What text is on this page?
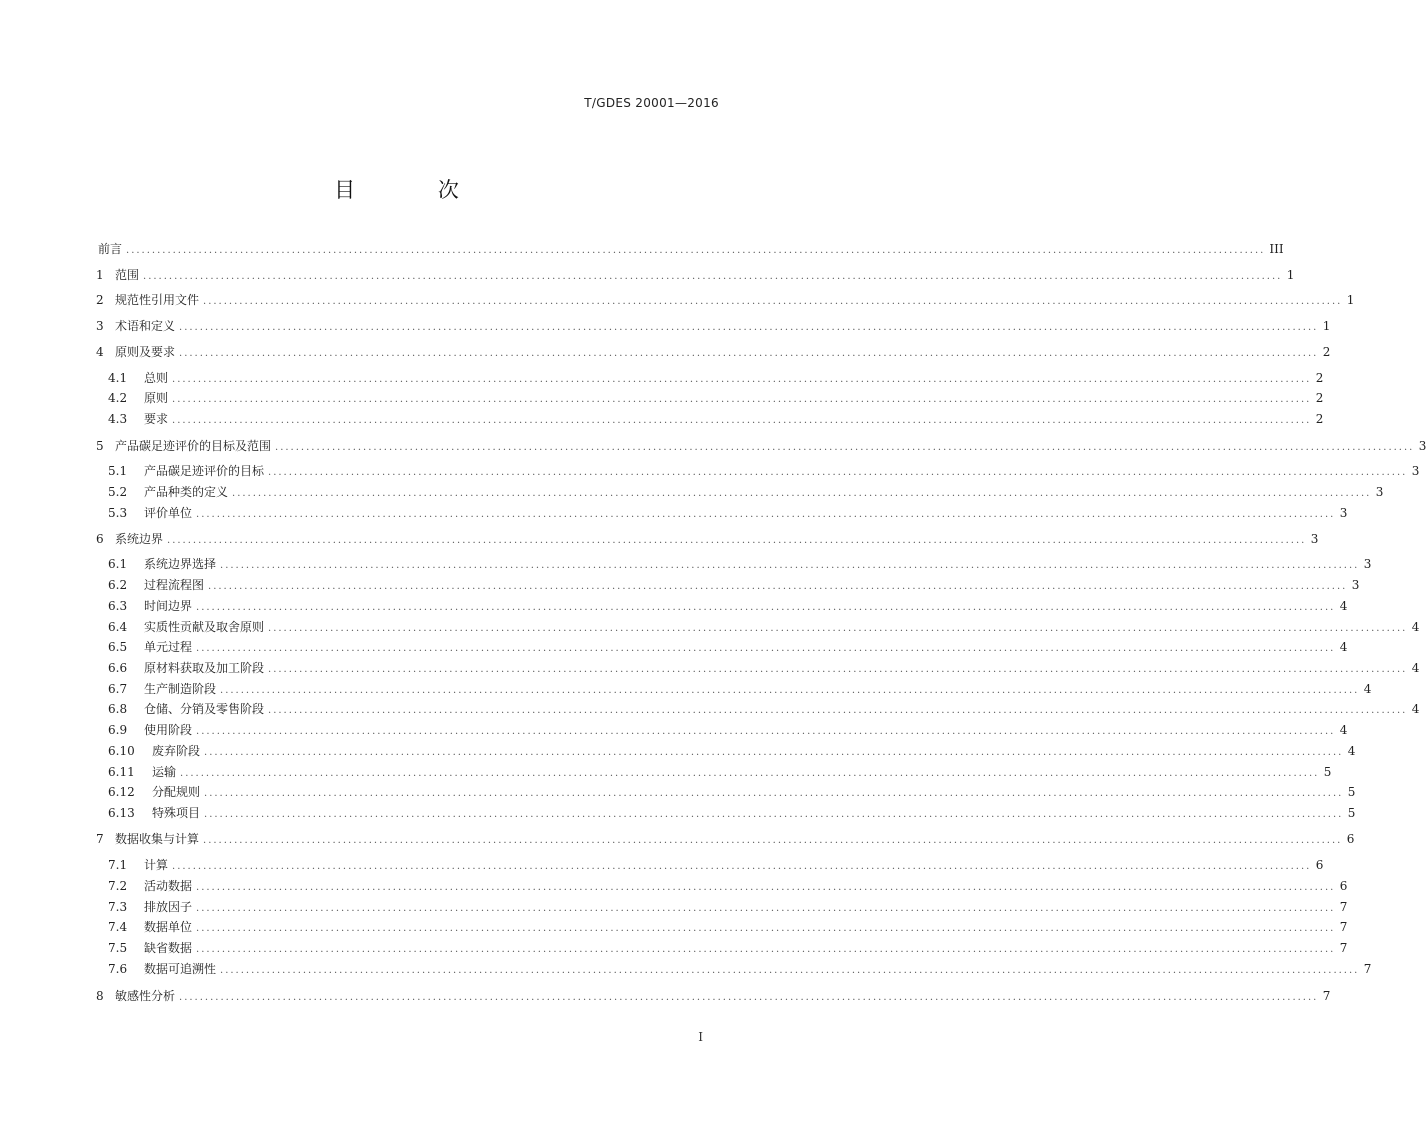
T/GDES 20001—2016
目 次
前言 ............................................................................................................................................................................................................................ III
1 范围 ............................................................................................................................................................................................................................ 1
2 规范性引用文件 ............................................................................................................................................................................................................................ 1
3 术语和定义 ............................................................................................................................................................................................................................ 1
4 原则及要求 ............................................................................................................................................................................................................................ 2
4.1	总则 ............................................................................................................................................................................................................................ 2
4.2	原则 ............................................................................................................................................................................................................................ 2
4.3	要求 ............................................................................................................................................................................................................................ 2
5 产品碳足迹评价的目标及范围 ............................................................................................................................................................................................................................ 3
5.1	产品碳足迹评价的目标 ............................................................................................................................................................................................................................ 3
5.2	产品种类的定义 ............................................................................................................................................................................................................................ 3
5.3	评价单位 ............................................................................................................................................................................................................................ 3
6 系统边界 ............................................................................................................................................................................................................................ 3
6.1	系统边界选择 ............................................................................................................................................................................................................................ 3
6.2	过程流程图 ............................................................................................................................................................................................................................ 3
6.3	时间边界 ............................................................................................................................................................................................................................ 4
6.4	实质性贡献及取舍原则 ............................................................................................................................................................................................................................ 4
6.5	单元过程 ............................................................................................................................................................................................................................ 4
6.6	原材料获取及加工阶段 ............................................................................................................................................................................................................................ 4
6.7	生产制造阶段 ............................................................................................................................................................................................................................ 4
6.8	仓储、分销及零售阶段 ............................................................................................................................................................................................................................ 4
6.9	使用阶段 ............................................................................................................................................................................................................................ 4
6.10	废弃阶段 ............................................................................................................................................................................................................................ 4
6.11	运输 ............................................................................................................................................................................................................................ 5
6.12	分配规则 ............................................................................................................................................................................................................................ 5
6.13	特殊项目 ............................................................................................................................................................................................................................ 5
7 数据收集与计算 ............................................................................................................................................................................................................................ 6
7.1	计算 ............................................................................................................................................................................................................................ 6
7.2	活动数据 ............................................................................................................................................................................................................................ 6
7.3	排放因子 ............................................................................................................................................................................................................................ 7
7.4	数据单位 ............................................................................................................................................................................................................................ 7
7.5	缺省数据 ............................................................................................................................................................................................................................ 7
7.6	数据可追溯性 ............................................................................................................................................................................................................................ 7
8 敏感性分析 ............................................................................................................................................................................................................................ 7
I
